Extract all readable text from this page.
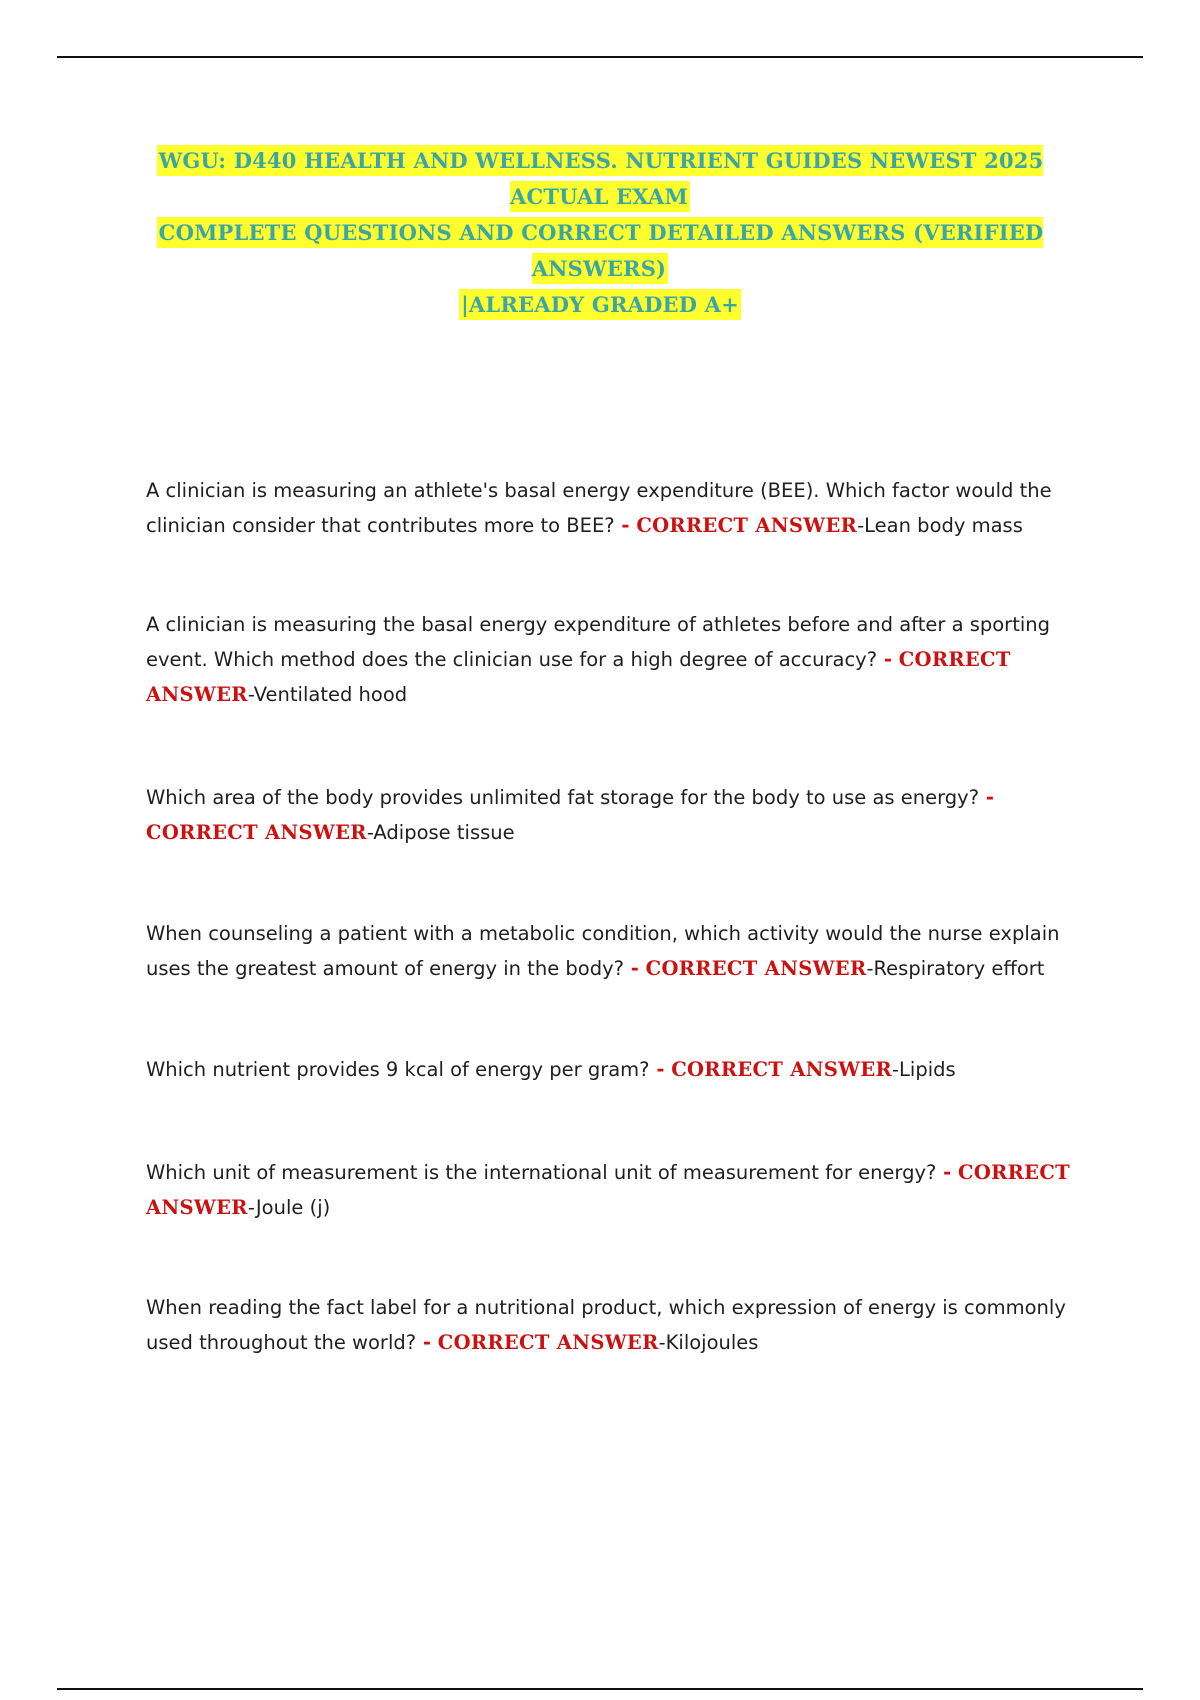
WGU: D440 HEALTH AND WELLNESS. NUTRIENT GUIDES NEWEST 2025 ACTUAL EXAM
COMPLETE QUESTIONS AND CORRECT DETAILED ANSWERS (VERIFIED ANSWERS)
|ALREADY GRADED A+
A clinician is measuring an athlete's basal energy expenditure (BEE). Which factor would the clinician consider that contributes more to BEE? - CORRECT ANSWER-Lean body mass
A clinician is measuring the basal energy expenditure of athletes before and after a sporting event. Which method does the clinician use for a high degree of accuracy? - CORRECT ANSWER-Ventilated hood
Which area of the body provides unlimited fat storage for the body to use as energy? - CORRECT ANSWER-Adipose tissue
When counseling a patient with a metabolic condition, which activity would the nurse explain uses the greatest amount of energy in the body? - CORRECT ANSWER-Respiratory effort
Which nutrient provides 9 kcal of energy per gram? - CORRECT ANSWER-Lipids
Which unit of measurement is the international unit of measurement for energy? - CORRECT ANSWER-Joule (j)
When reading the fact label for a nutritional product, which expression of energy is commonly used throughout the world? - CORRECT ANSWER-Kilojoules
